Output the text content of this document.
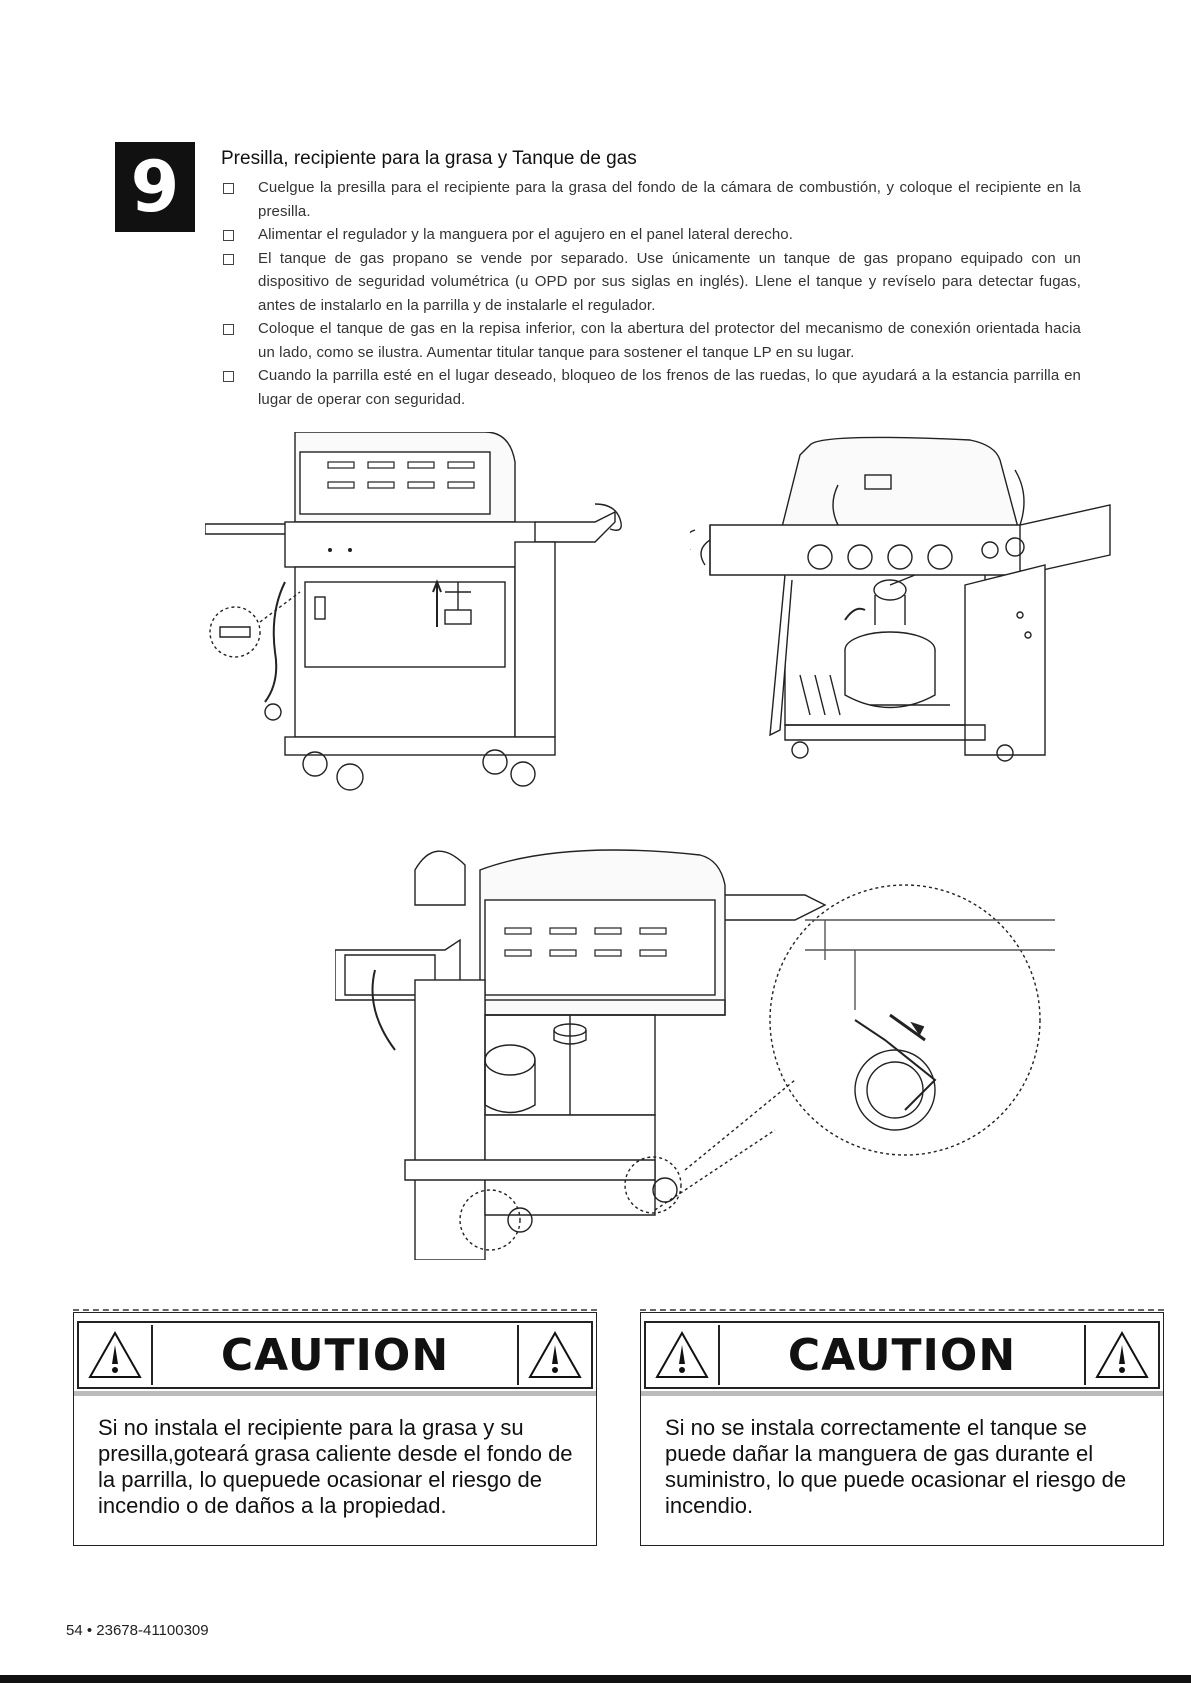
9 Presilla, recipiente para la grasa y Tanque de gas
Cuelgue la presilla para el recipiente para la grasa del fondo de la cámara de combustión, y coloque el recipiente en la presilla.
Alimentar el regulador y la manguera por el agujero en el panel lateral derecho.
El tanque de gas propano se vende por separado. Use únicamente un tanque de gas propano equipado con un dispositivo de seguridad volumétrica (u OPD por sus siglas en inglés). Llene el tanque y revíselo para detectar fugas, antes de instalarlo en la parrilla y de instalarle el regulador.
Coloque el tanque de gas en la repisa inferior, con la abertura del protector del mecanismo de conexión orientada hacia un lado, como se ilustra. Aumentar titular tanque para sostener el tanque LP en su lugar.
Cuando la parrilla esté en el lugar deseado, bloqueo de los frenos de las ruedas, lo que ayudará a la estancia parrilla en lugar de operar con seguridad.
CAUTION
Si no instala el recipiente para la grasa y su presilla,goteará grasa caliente desde el fondo de la parrilla, lo quepuede ocasionar el riesgo de incendio o de daños a la propiedad.
CAUTION
Si no se instala correctamente el tanque se puede dañar la manguera de gas durante el suministro, lo que puede ocasionar el riesgo de incendio.
54 • 23678-41100309
